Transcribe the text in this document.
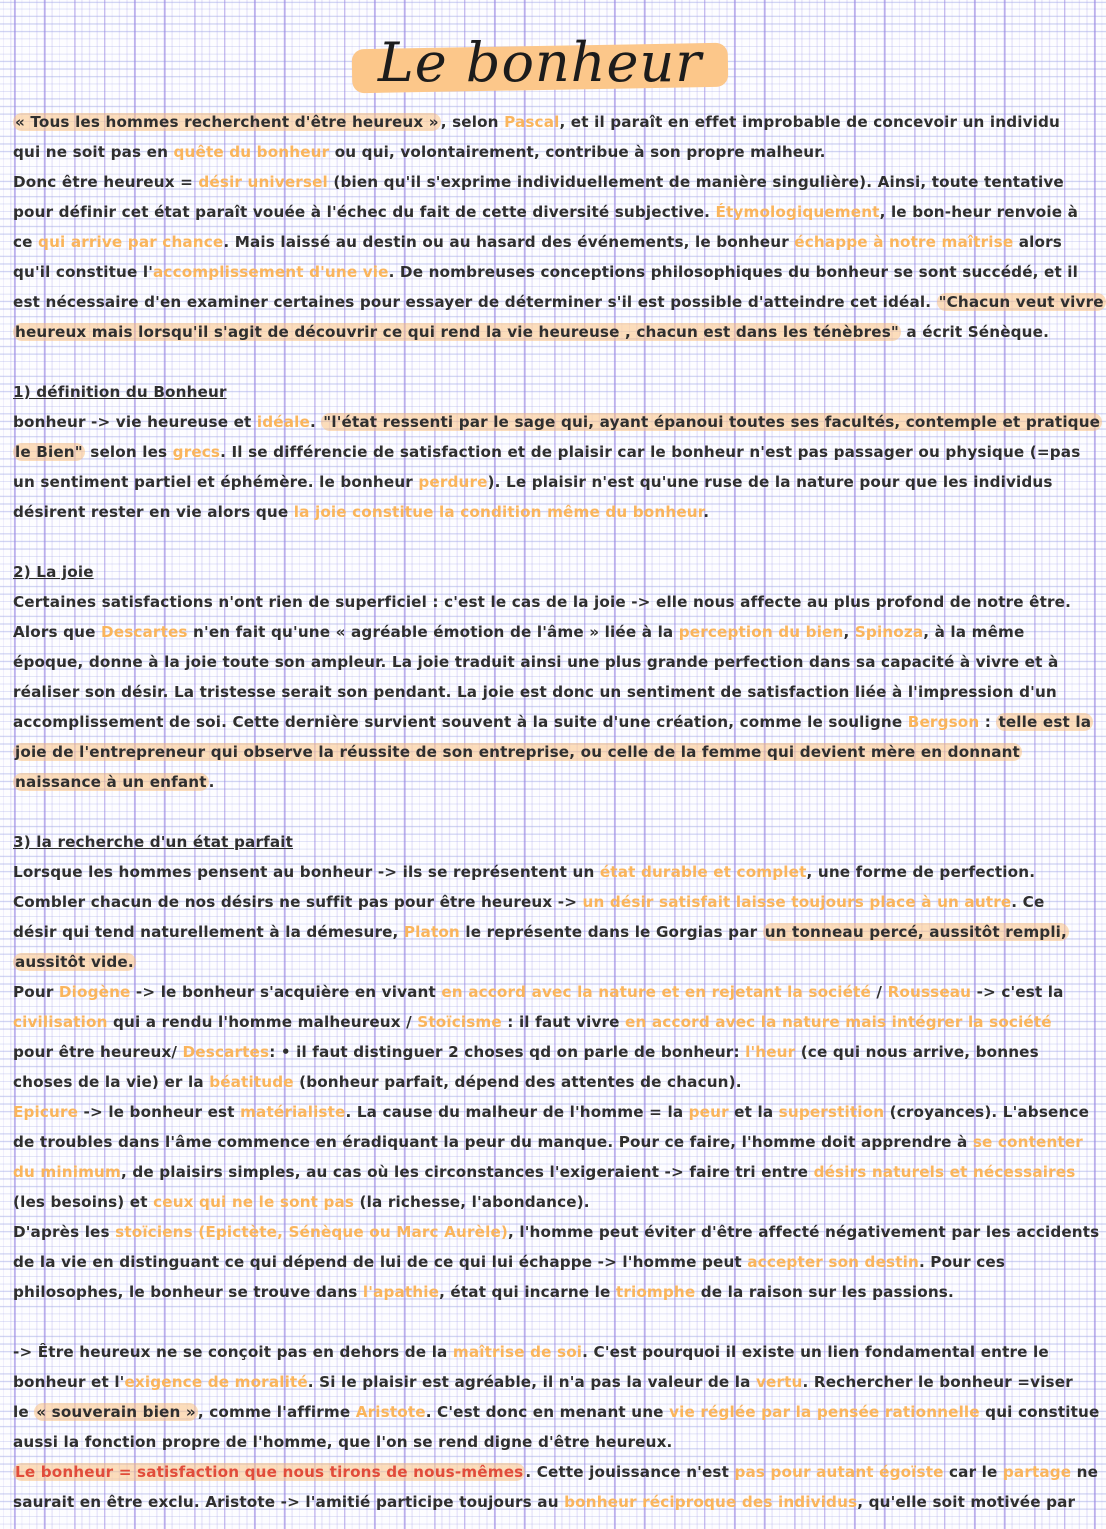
Le bonheur
« Tous les hommes recherchent d'être heureux » , selon Pascal, et il paraît en effet improbable de concevoir un individu
qui ne soit pas en quête du bonheur ou qui, volontairement, contribue à son propre malheur.
Donc être heureux = désir universel (bien qu'il s'exprime individuellement de manière singulière). Ainsi, toute tentative
pour définir cet état paraît vouée à l'échec du fait de cette diversité subjective. Étymologiquement, le bon-heur renvoie à
ce qui arrive par chance. Mais laissé au destin ou au hasard des événements, le bonheur échappe à notre maîtrise alors
qu'il constitue l'accomplissement d'une vie. De nombreuses conceptions philosophiques du bonheur se sont succédé, et il
est nécessaire d'en examiner certaines pour essayer de déterminer s'il est possible d'atteindre cet idéal. "Chacun veut vivre
heureux mais lorsqu'il s'agit de découvrir ce qui rend la vie heureuse , chacun est dans les ténèbres" a écrit Sénèque.
1) définition du Bonheur
bonheur -> vie heureuse et idéale. "l'état ressenti par le sage qui, ayant épanoui toutes ses facultés, contemple et pratique
le Bien" selon les grecs. Il se différencie de satisfaction et de plaisir car le bonheur n'est pas passager ou physique (=pas
un sentiment partiel et éphémère. le bonheur perdure). Le plaisir n'est qu'une ruse de la nature pour que les individus
désirent rester en vie alors que la joie constitue la condition même du bonheur.
2) La joie
Certaines satisfactions n'ont rien de superficiel : c'est le cas de la joie -> elle nous affecte au plus profond de notre être.
Alors que Descartes n'en fait qu'une « agréable émotion de l'âme » liée à la perception du bien, Spinoza, à la même
époque, donne à la joie toute son ampleur. La joie traduit ainsi une plus grande perfection dans sa capacité à vivre et à
réaliser son désir. La tristesse serait son pendant. La joie est donc un sentiment de satisfaction liée à l'impression d'un
accomplissement de soi. Cette dernière survient souvent à la suite d'une création, comme le souligne Bergson : telle est la
joie de l'entrepreneur qui observe la réussite de son entreprise, ou celle de la femme qui devient mère en donnant
naissance à un enfant .
3) la recherche d'un état parfait
Lorsque les hommes pensent au bonheur -> ils se représentent un état durable et complet, une forme de perfection.
Combler chacun de nos désirs ne suffit pas pour être heureux -> un désir satisfait laisse toujours place à un autre. Ce
désir qui tend naturellement à la démesure, Platon le représente dans le Gorgias par un tonneau percé, aussitôt rempli,
aussitôt vide.
Pour Diogène -> le bonheur s'acquière en vivant en accord avec la nature et en rejetant la société / Rousseau -> c'est la
civilisation qui a rendu l'homme malheureux / Stoïcisme : il faut vivre en accord avec la nature mais intégrer la société
pour être heureux/ Descartes: • il faut distinguer 2 choses qd on parle de bonheur: l'heur (ce qui nous arrive, bonnes
choses de la vie) er la béatitude (bonheur parfait, dépend des attentes de chacun).
Epicure -> le bonheur est matérialiste. La cause du malheur de l'homme = la peur et la superstition (croyances). L'absence
de troubles dans l'âme commence en éradiquant la peur du manque. Pour ce faire, l'homme doit apprendre à se contenter
du minimum, de plaisirs simples, au cas où les circonstances l'exigeraient -> faire tri entre désirs naturels et nécessaires
(les besoins) et ceux qui ne le sont pas (la richesse, l'abondance).
D'après les stoïciens (Epictète, Sénèque ou Marc Aurèle), l'homme peut éviter d'être affecté négativement par les accidents
de la vie en distinguant ce qui dépend de lui de ce qui lui échappe -> l'homme peut accepter son destin. Pour ces
philosophes, le bonheur se trouve dans l'apathie, état qui incarne le triomphe de la raison sur les passions.
-> Être heureux ne se conçoit pas en dehors de la maîtrise de soi. C'est pourquoi il existe un lien fondamental entre le
bonheur et l'exigence de moralité. Si le plaisir est agréable, il n'a pas la valeur de la vertu. Rechercher le bonheur =viser
le « souverain bien » , comme l'affirme Aristote. C'est donc en menant une vie réglée par la pensée rationnelle qui constitue
aussi la fonction propre de l'homme, que l'on se rend digne d'être heureux.
Le bonheur = satisfaction que nous tirons de nous-mêmes . Cette jouissance n'est pas pour autant égoïste car le partage ne
saurait en être exclu. Aristote -> l'amitié participe toujours au bonheur réciproque des individus, qu'elle soit motivée par
